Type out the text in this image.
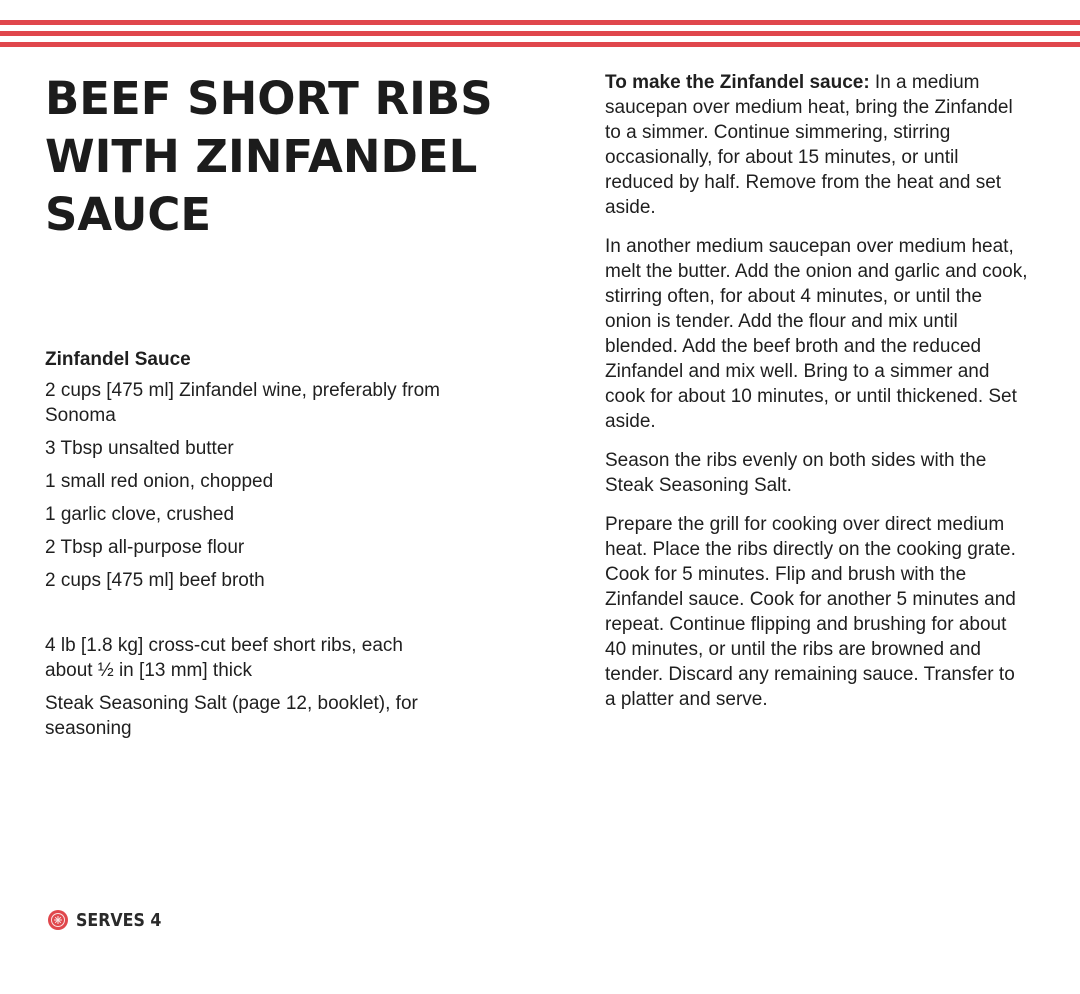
BEEF SHORT RIBS WITH ZINFANDEL SAUCE
Zinfandel Sauce
2 cups [475 ml] Zinfandel wine, preferably from Sonoma
3 Tbsp unsalted butter
1 small red onion, chopped
1 garlic clove, crushed
2 Tbsp all-purpose flour
2 cups [475 ml] beef broth
4 lb [1.8 kg] cross-cut beef short ribs, each about ½ in [13 mm] thick
Steak Seasoning Salt (page 12, booklet), for seasoning

To make the Zinfandel sauce: In a medium saucepan over medium heat, bring the Zinfandel to a simmer. Continue simmering, stirring occasionally, for about 15 minutes, or until reduced by half. Remove from the heat and set aside.

In another medium saucepan over medium heat, melt the butter. Add the onion and garlic and cook, stirring often, for about 4 minutes, or until the onion is tender. Add the flour and mix until blended. Add the beef broth and the reduced Zinfandel and mix well. Bring to a simmer and cook for about 10 minutes, or until thickened. Set aside.

Season the ribs evenly on both sides with the Steak Seasoning Salt.

Prepare the grill for cooking over direct medium heat. Place the ribs directly on the cooking grate. Cook for 5 minutes. Flip and brush with the Zinfandel sauce. Cook for another 5 minutes and repeat. Continue flipping and brushing for about 40 minutes, or until the ribs are browned and tender. Discard any remaining sauce. Transfer to a platter and serve.

SERVES 4
